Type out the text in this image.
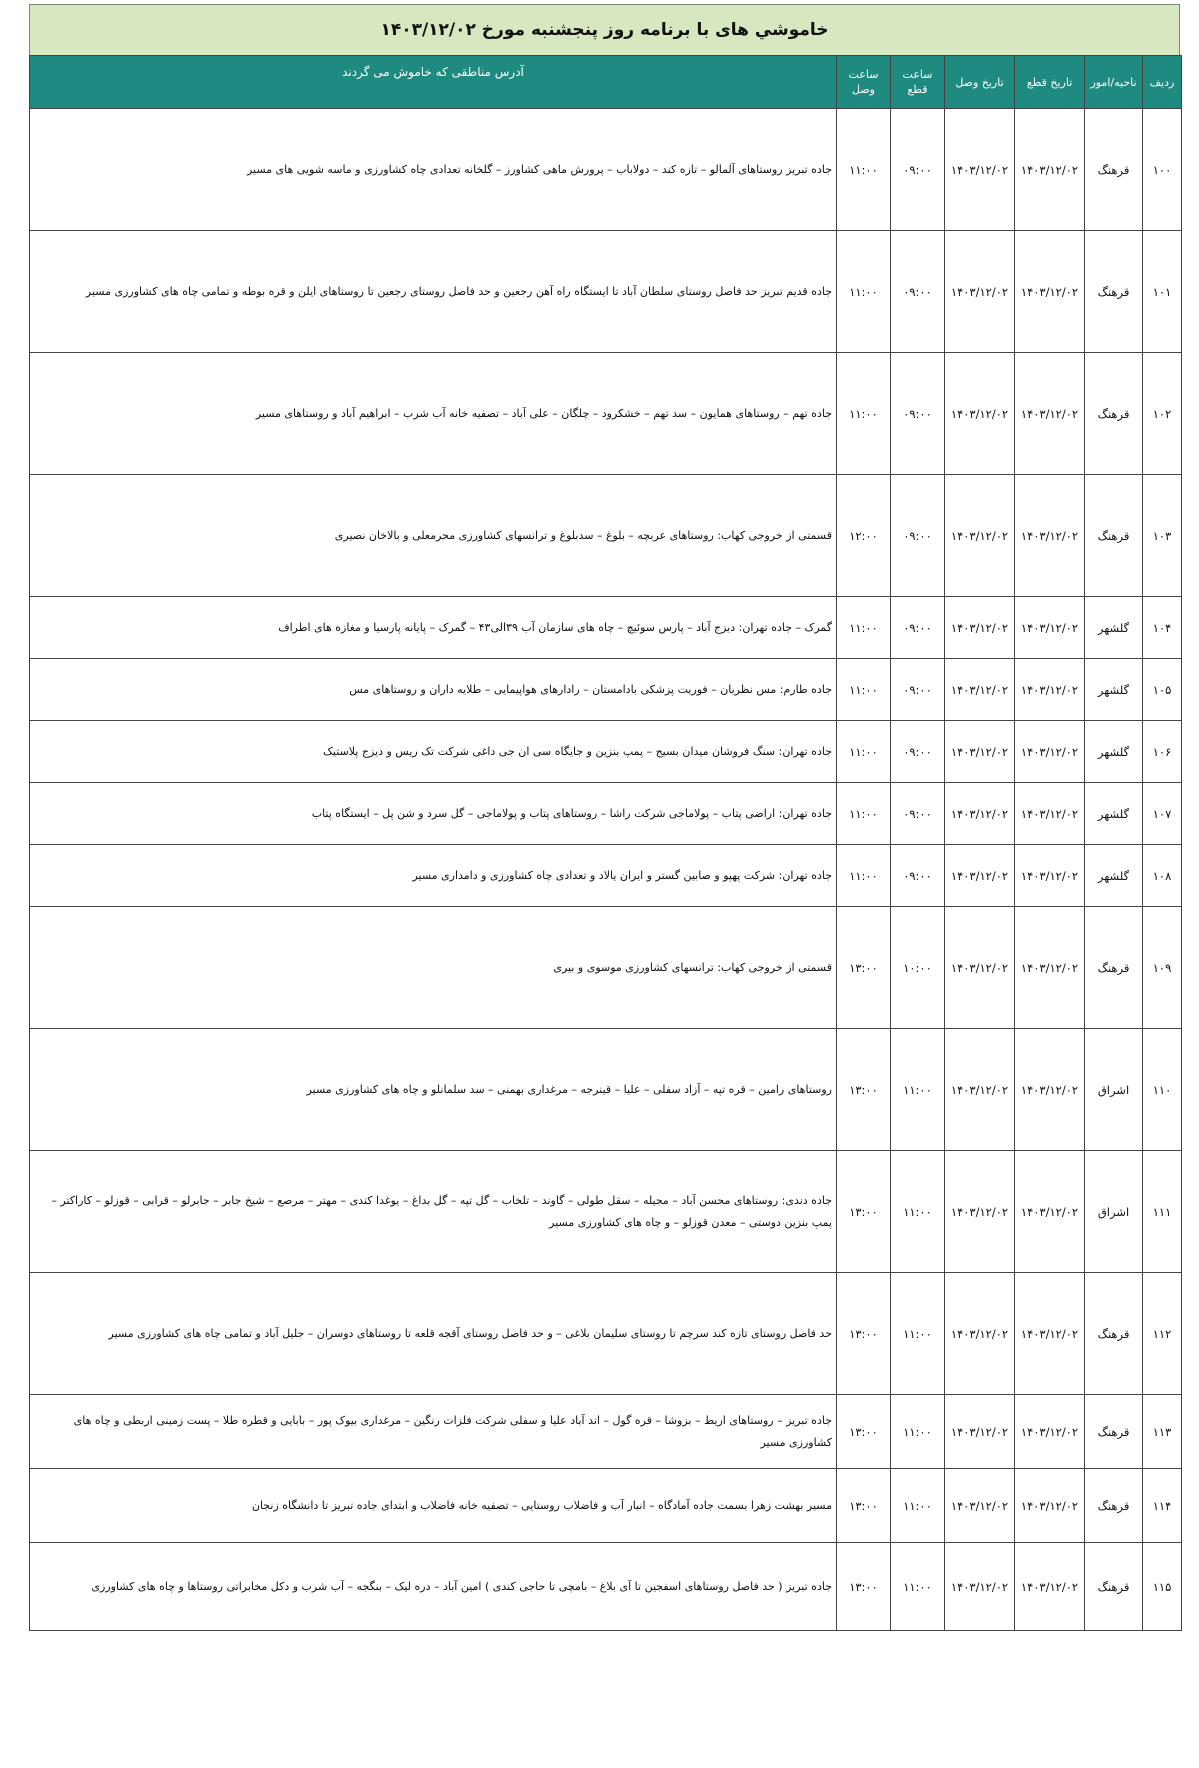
خاموشي های با برنامه روز پنجشنبه مورخ ۱۴۰۳/۱۲/۰۲
ردیف	ناحیه/امور	تاریخ قطع	تاریخ وصل	ساعت قطع	ساعت وصل	آدرس مناطقی که خاموش می گردند
۱۰۰	قرهنگ	۱۴۰۳/۱۲/۰۲	۱۴۰۳/۱۲/۰۲	۰۹:۰۰	۱۱:۰۰	جاده تبریز روستاهای آلمالو – تازه کند – دولاباب – پرورش ماهی کشاورز – گلخانه تعدادی چاه کشاورزی و ماسه شویی های مسیر
۱۰۱	قرهنگ	۱۴۰۳/۱۲/۰۲	۱۴۰۳/۱۲/۰۲	۰۹:۰۰	۱۱:۰۰	جاده قدیم تبریز حد فاصل روستای سلطان آباد تا ایستگاه راه آهن رجعین و حد فاصل روستای رجعین تا روستاهای ایلن و قره بوطه و تمامی چاه های کشاورزی مسیر
۱۰۲	قرهنگ	۱۴۰۳/۱۲/۰۲	۱۴۰۳/۱۲/۰۲	۰۹:۰۰	۱۱:۰۰	جاده تهم – روستاهای همایون – سد تهم – خشکرود – چلگان – علی آباد – تصفیه خانه آب شرب – ابراهیم آباد و روستاهای مسیر
۱۰۳	قرهنگ	۱۴۰۳/۱۲/۰۲	۱۴۰۳/۱۲/۰۲	۰۹:۰۰	۱۲:۰۰	قسمتی از خروجی کهاب: روستاهای عربچه – بلوغ – سدبلوغ و ترانسهای کشاورزی محرمعلی و بالاخان نصیری
۱۰۴	گلشهر	۱۴۰۳/۱۲/۰۲	۱۴۰۳/۱۲/۰۲	۰۹:۰۰	۱۱:۰۰	گمرک – جاده تهران: دیزج آباد – پارس سوئیچ – چاه های سازمان آب ۳۹الی۴۳ – گمرک – پایانه پارسیا و مغازه های اطراف
۱۰۵	گلشهر	۱۴۰۳/۱۲/۰۲	۱۴۰۳/۱۲/۰۲	۰۹:۰۰	۱۱:۰۰	جاده طارم: مس نظربان – فوریت پزشکی بادامستان – رادارهای هواپیمایی – طلایه داران و روستاهای مس
۱۰۶	گلشهر	۱۴۰۳/۱۲/۰۲	۱۴۰۳/۱۲/۰۲	۰۹:۰۰	۱۱:۰۰	جاده تهران: سنگ فروشان میدان بسیج – پمپ بنزین و جایگاه سی ان جی داغی شرکت تک ریس و دیزج پلاستیک
۱۰۷	گلشهر	۱۴۰۳/۱۲/۰۲	۱۴۰۳/۱۲/۰۲	۰۹:۰۰	۱۱:۰۰	جاده تهران: اراضی پتاب – پولاماجی شرکت راشا – روستاهای پتاب و پولاماجی – گل سرد و شن پل – ایستگاه پتاب
۱۰۸	گلشهر	۱۴۰۳/۱۲/۰۲	۱۴۰۳/۱۲/۰۲	۰۹:۰۰	۱۱:۰۰	جاده تهران: شرکت پهپو و صابین گستر و ایران یالاد و تعدادی چاه کشاورزی و دامداری مسیر
۱۰۹	قرهنگ	۱۴۰۳/۱۲/۰۲	۱۴۰۳/۱۲/۰۲	۱۰:۰۰	۱۳:۰۰	قسمتی از خروجی کهاب: ترانسهای کشاورزی موسوی و بیری
۱۱۰	اشراق	۱۴۰۳/۱۲/۰۲	۱۴۰۳/۱۲/۰۲	۱۱:۰۰	۱۳:۰۰	روستاهای رامین – قره تپه – آزاد سفلی – علیا – قینرجه – مرغداری بهمنی – سد سلمانلو و چاه های کشاورزی مسیر
۱۱۱	اشراق	۱۴۰۳/۱۲/۰۲	۱۴۰۳/۱۲/۰۲	۱۱:۰۰	۱۳:۰۰	جاده دندی: روستاهای محسن آباد – مجیله – سقل طولی – گاوند – تلخاب – گل تپه – گل بداغ – یوغدا کندی – مهتر – مرصع – شیخ جابر – جابرلو – قرابی – قوزلو – کاراکتر – پمپ بنزین دوستی – معدن قوزلو – و چاه های کشاورزی مسیر
۱۱۲	قرهنگ	۱۴۰۳/۱۲/۰۲	۱۴۰۳/۱۲/۰۲	۱۱:۰۰	۱۳:۰۰	حد فاصل روستای تازه کند سرچم تا روستای سلیمان بلاغی – و حد فاصل روستای آقجه قلعه تا روستاهای دوسران – جلیل آباد و تمامی چاه های کشاورزی مسیر
۱۱۳	قرهنگ	۱۴۰۳/۱۲/۰۲	۱۴۰۳/۱۲/۰۲	۱۱:۰۰	۱۳:۰۰	جاده تبریز – روستاهای اریط – بزوشا – قره گول – اند آباد علیا و سفلی شرکت فلزات رنگین – مرغداری بیوک پور – بابایی و قطره طلا – پست زمینی اربطی و چاه های کشاورزی مسیر
۱۱۴	قرهنگ	۱۴۰۳/۱۲/۰۲	۱۴۰۳/۱۲/۰۲	۱۱:۰۰	۱۳:۰۰	مسیر بهشت زهرا بسمت جاده آمادگاه – انبار آب و فاضلاب روستایی – تصفیه خانه فاضلاب و ابتدای جاده تبریز تا دانشگاه زنجان
۱۱۵	قرهنگ	۱۴۰۳/۱۲/۰۲	۱۴۰۳/۱۲/۰۲	۱۱:۰۰	۱۳:۰۰	جاده تبریز ( حد فاصل روستاهای اسفجین تا آی بلاغ – بامچی تا حاجی کندی ) امین آباد – دره لیک – بنگجه – آب شرب و دکل مخابراتی روستاها و چاه های کشاورزی
